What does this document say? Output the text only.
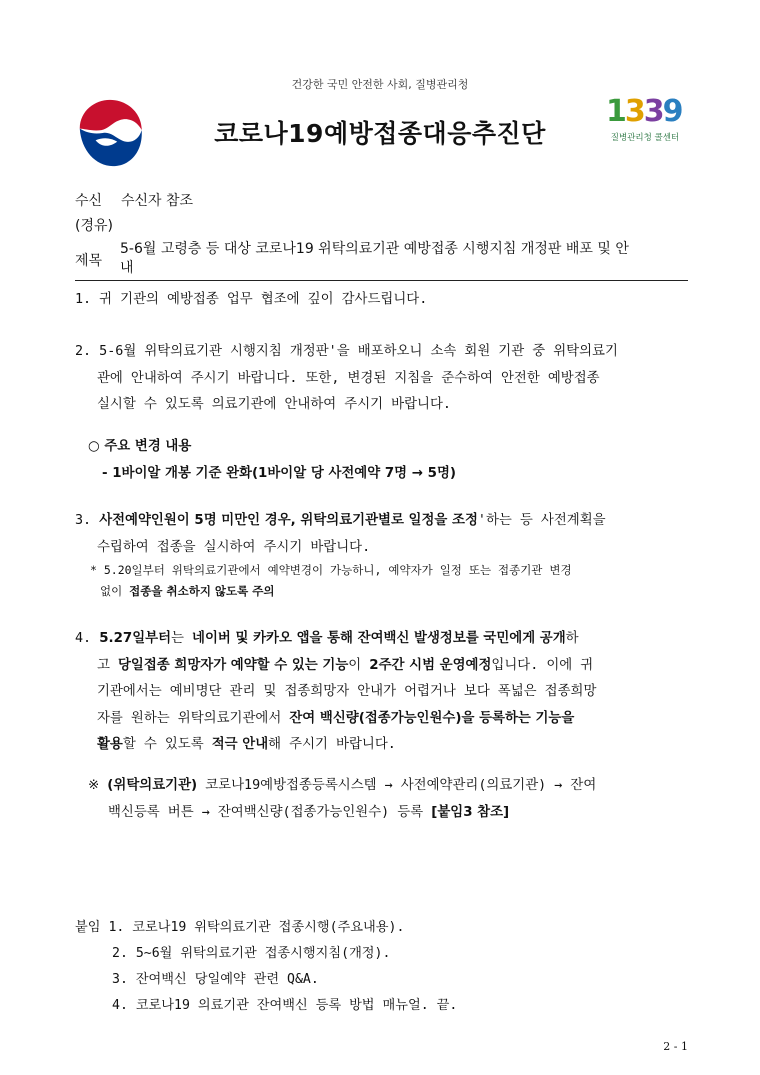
건강한 국민 안전한 사회, 질병관리청
코로나19예방접종대응추진단
1339
질병관리청 콜센터
수신 수신자 참조
(경유)
제목
5-6월 고령층 등 대상 코로나19 위탁의료기관 예방접종 시행지침 개정판 배포 및 안
내
1. 귀 기관의 예방접종 업무 협조에 깊이 감사드립니다.
2. 5-6월 위탁의료기관 시행지침 개정판'을 배포하오니 소속 회원 기관 중 위탁의료기
관에 안내하여 주시기 바랍니다. 또한, 변경된 지침을 준수하여 안전한 예방접종
실시할 수 있도록 의료기관에 안내하여 주시기 바랍니다.
○ 주요 변경 내용
- 1바이알 개봉 기준 완화(1바이알 당 사전예약 7명 → 5명)
3. 사전예약인원이 5명 미만인 경우, 위탁의료기관별로 일정을 조정'하는 등 사전계획을
수립하여 접종을 실시하여 주시기 바랍니다.
* 5.20일부터 위탁의료기관에서 예약변경이 가능하니, 예약자가 일정 또는 접종기관 변경
없이 접종을 취소하지 않도록 주의
4. 5.27일부터는 네이버 및 카카오 앱을 통해 잔여백신 발생정보를 국민에게 공개하
고 당일접종 희망자가 예약할 수 있는 기능이 2주간 시범 운영예정입니다. 이에 귀
기관에서는 예비명단 관리 및 접종희망자 안내가 어렵거나 보다 폭넓은 접종희망
자를 원하는 위탁의료기관에서 잔여 백신량(접종가능인원수)을 등록하는 기능을
활용할 수 있도록 적극 안내해 주시기 바랍니다.
※ (위탁의료기관) 코로나19예방접종등록시스템 → 사전예약관리(의료기관) → 잔여
백신등록 버튼 → 잔여백신량(접종가능인원수) 등록 [붙임3 참조]
붙임 1. 코로나19 위탁의료기관 접종시행(주요내용).
2. 5~6월 위탁의료기관 접종시행지침(개정).
3. 잔여백신 당일예약 관련 Q&A.
4. 코로나19 의료기관 잔여백신 등록 방법 매뉴얼. 끝.
2 - 1
